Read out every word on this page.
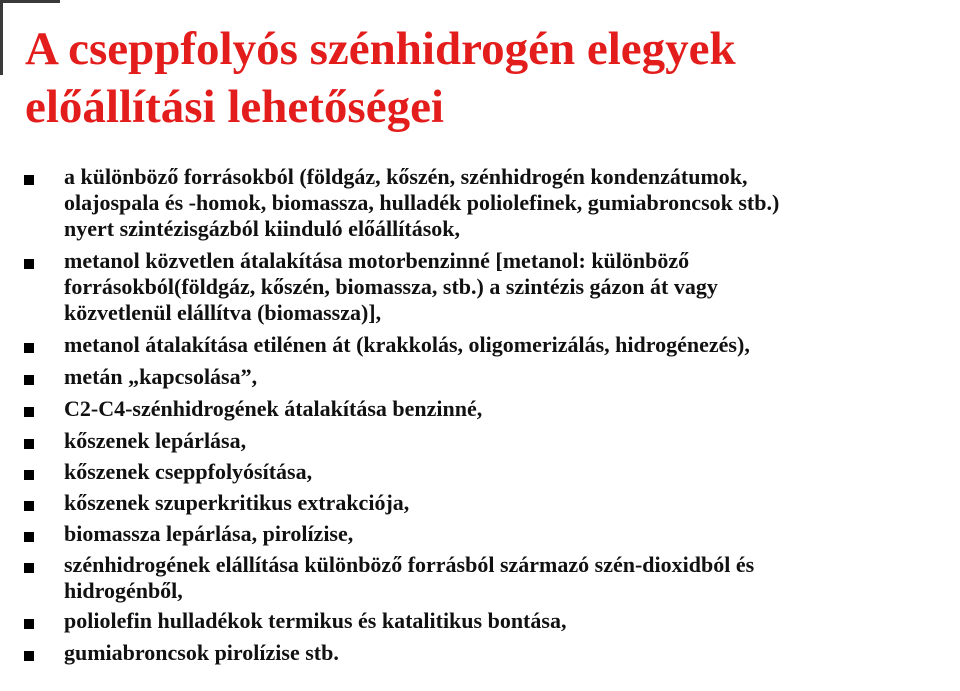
A cseppfolyós szénhidrogén elegyek
előállítási lehetőségei
a különböző forrásokból (földgáz, kőszén, szénhidrogén kondenzátumok,
olajospala és -homok, biomassza, hulladék poliolefinek, gumiabroncsok stb.)
nyert szintézisgázból kiinduló előállítások,
metanol közvetlen átalakítása motorbenzinné [metanol: különböző
forrásokból(földgáz, kőszén, biomassza, stb.) a szintézis gázon át vagy
közvetlenül elállítva (biomassza)],
metanol átalakítása etilénen át (krakkolás, oligomerizálás, hidrogénezés),
metán „kapcsolása”,
C2-C4-szénhidrogének átalakítása benzinné,
kőszenek lepárlása,
kőszenek cseppfolyósítása,
kőszenek szuperkritikus extrakciója,
biomassza lepárlása, pirolízise,
szénhidrogének elállítása különböző forrásból származó szén-dioxidból és
hidrogénből,
poliolefin hulladékok termikus és katalitikus bontása,
gumiabroncsok pirolízise stb.
